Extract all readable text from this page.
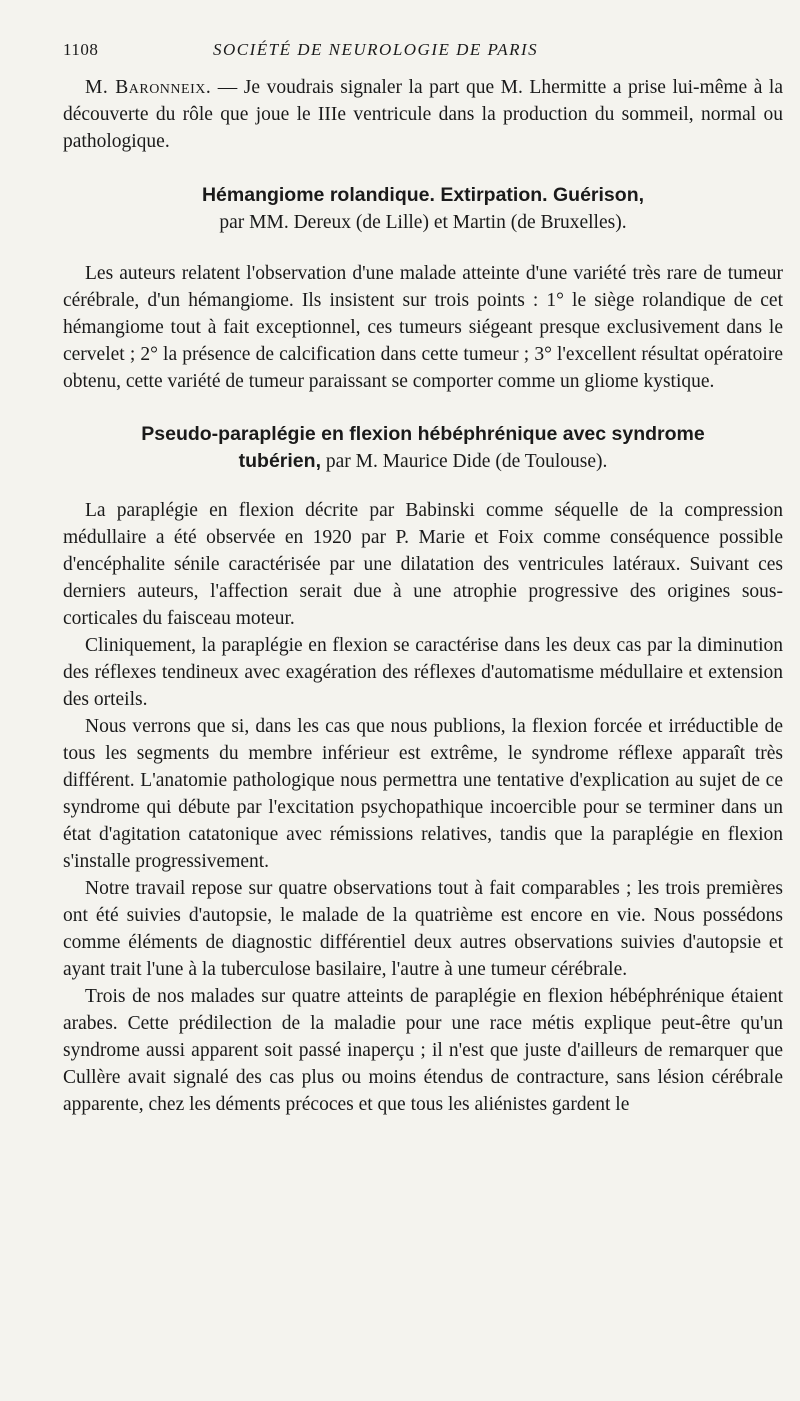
1108	SOCIÉTÉ DE NEUROLOGIE DE PARIS

M. Baronneix. — Je voudrais signaler la part que M. Lhermitte a prise lui-même à la découverte du rôle que joue le IIIe ventricule dans la production du sommeil, normal ou pathologique.

Hémangiome rolandique. Extirpation. Guérison,
par MM. Dereux (de Lille) et Martin (de Bruxelles).

Les auteurs relatent l'observation d'une malade atteinte d'une variété très rare de tumeur cérébrale, d'un hémangiome. Ils insistent sur trois points : 1° le siège rolandique de cet hémangiome tout à fait exceptionnel, ces tumeurs siégeant presque exclusivement dans le cervelet ; 2° la présence de calcification dans cette tumeur ; 3° l'excellent résultat opératoire obtenu, cette variété de tumeur paraissant se comporter comme un gliome kystique.

Pseudo-paraplégie en flexion hébéphrénique avec syndrome
tubérien, par M. Maurice Dide (de Toulouse).

La paraplégie en flexion décrite par Babinski comme séquelle de la compression médullaire a été observée en 1920 par P. Marie et Foix comme conséquence possible d'encéphalite sénile caractérisée par une dilatation des ventricules latéraux. Suivant ces derniers auteurs, l'affection serait due à une atrophie progressive des origines sous-corticales du faisceau moteur.

Cliniquement, la paraplégie en flexion se caractérise dans les deux cas par la diminution des réflexes tendineux avec exagération des réflexes d'automatisme médullaire et extension des orteils.

Nous verrons que si, dans les cas que nous publions, la flexion forcée et irréductible de tous les segments du membre inférieur est extrême, le syndrome réflexe apparaît très différent. L'anatomie pathologique nous permettra une tentative d'explication au sujet de ce syndrome qui débute par l'excitation psychopathique incoercible pour se terminer dans un état d'agitation catatonique avec rémissions relatives, tandis que la paraplégie en flexion s'installe progressivement.

Notre travail repose sur quatre observations tout à fait comparables ; les trois premières ont été suivies d'autopsie, le malade de la quatrième est encore en vie. Nous possédons comme éléments de diagnostic différentiel deux autres observations suivies d'autopsie et ayant trait l'une à la tuberculose basilaire, l'autre à une tumeur cérébrale.

Trois de nos malades sur quatre atteints de paraplégie en flexion hébéphrénique étaient arabes. Cette prédilection de la maladie pour une race métis explique peut-être qu'un syndrome aussi apparent soit passé inaperçu ; il n'est que juste d'ailleurs de remarquer que Cullère avait signalé des cas plus ou moins étendus de contracture, sans lésion cérébrale apparente, chez les déments précoces et que tous les aliénistes gardent le
